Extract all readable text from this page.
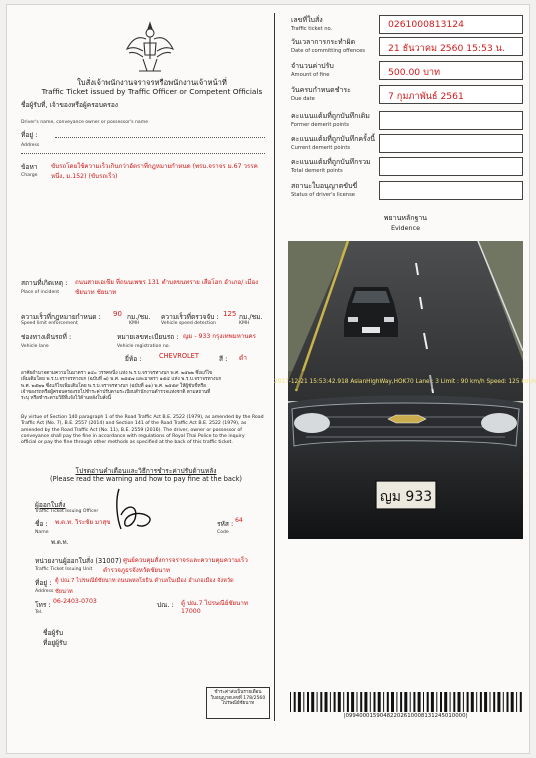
ใบสั่งเจ้าพนักงานจราจรหรือพนักงานเจ้าหน้าที่
Traffic Ticket issued by Traffic Officer or Competent Officials
ชื่อผู้รับที่, เจ้าของหรือผู้ครอบครอง
Driver's name, conveyance owner or possessor's name
ที่อยู่ :
Address
ข้อหา ขับรถโดยใช้ความเร็วเกินกว่าอัตราที่กฎหมายกำหนด (พรบ.จราจร ม.67 วรรค
Charge หนึ่ง, ม.152) (ขับรถเร็ว)
สถานที่เกิดเหตุ : ถนนสายเอเชีย ที่ถนนเพชร 131 ตำบลขนทราย เสือโฮก อำเภอ/ เมือง
Place of incident	ชัยนาท ชัยนาท
ความเร็วที่กฎหมายกำหนด : 90 กม./ชม. ความเร็วที่ตรวจจับ : 125 กม./ชม.
Speed limit enforcement	KMH	Vehicle speed detection	KMH
ช่องทางเดินรถที่ :	หมายเลขทะเบียนรถ : ญม - 933 กรุงเทพมหานคร
Vehicle lane	Vehicle registration no.
ยี่ห้อ :	CHEVROLET	สี : ดำ
อาศัยอำนาจตามความในมาตรา ๑๔๐ วรรคหนึ่ง แห่ง พ.ร.บ.จราจรทางบก พ.ศ. ๒๕๒๒ ซึ่งแก้ไข
เพิ่มเติมโดย พ.ร.บ.จราจรทางบก (ฉบับที่ ๗) พ.ศ. ๒๕๕๗ และมาตรา ๑๕๔ แห่ง พ.ร.บ.จราจรทางบก
พ.ศ. ๒๕๒๒ ซึ่งแก้ไขเพิ่มเติมโดย พ.ร.บ.จราจรทางบก (ฉบับที่ ๑๑) พ.ศ. ๒๕๕๙ ให้ผู้ขับขี่หรือ
เจ้าของรถหรือผู้ครอบครองรถไปชำระค่าปรับตามระเบียบสำนักงานตำรวจแห่งชาติ ตามสถานที่
ระบุ หรือชำระตามวิธีที่แจ้งไว้ด้านหลังใบสั่งนี้
By virtue of Section 140 paragraph 1 of the Road Traffic Act B.E. 2522 (1979), as amended by the Road
Traffic Act (No. 7), B.E. 2557 (2014) and Section 141 of the Road Traffic Act B.E. 2522 (1979), as
amended by the Road Traffic Act (No. 11), B.E. 2559 (2016). The driver, owner or possessor of
conveyance shall pay the fine in accordance with regulations of Royal Thai Police to the inquiry
official or pay the fine through other methods as specified at the back of this traffic ticket.
โปรดอ่านคำเตือนและวิธีการชำระค่าปรับด้านหลัง
(Please read the warning and how to pay fine at the back)
ผู้ออกใบสั่ง
Traffic Ticket Issuing Officer
ชื่อ : พ.ต.ท. วิระชัย มาสุข	รหัส : 64
Name	Code
พ.ต.ท.
หน่วยงานผู้ออกใบสั่ง (31007) ศูนย์ควบคุมสั่งการจราจรและความคุมความเร็ว
Traffic Ticket Issuing Unit ตำรวจภูธรจังหวัดชัยนาท
ที่อยู่ : ตู้ ปณ.7 ไปรษณีย์ชัยนาท ถนนพหลโยธิน ตำบลในเมือง อำเภอเมือง จังหวัด
Address ชัยนาท
โทร : 06-2403-0703	ปณ. : ตู้ ปณ.7 ไปรษณีย์ชัยนาท
Tel.	17000
ชื่อผู้รับ
ที่อยู่ผู้รับ
ชำระค่าส่งเป็นรายเดือน
ใบอนุญาตเลขที่ 178/2560
ไปรษณีย์ชัยนาท
เลขที่ใบสั่ง
Traffic ticket no.	0261000813124
วันเวลาการกระทำผิด
Date of committing offences	21 ธันวาคม 2560 15:53 น.
จำนวนค่าปรับ
Amount of fine	500.00 บาท
วันครบกำหนดชำระ
Due date	7 กุมภาพันธ์ 2561
คะแนนแต้มที่ถูกบันทึกเดิม
Former demerit points
คะแนนแต้มที่ถูกบันทึกครั้งนี้
Current demerit points
คะแนนแต้มที่ถูกบันทึกรวม
Total demerit points
สถานะใบอนุญาตขับขี่
Status of driver's license
พยานหลักฐาน
Evidence
2017-12-21 15:53:42.918 AsianHighWay,HOK70 Lane : 3 Limit : 90 km/h Speed: 125 km/h
ญม 933
|09940001590482202610008131245010000|
